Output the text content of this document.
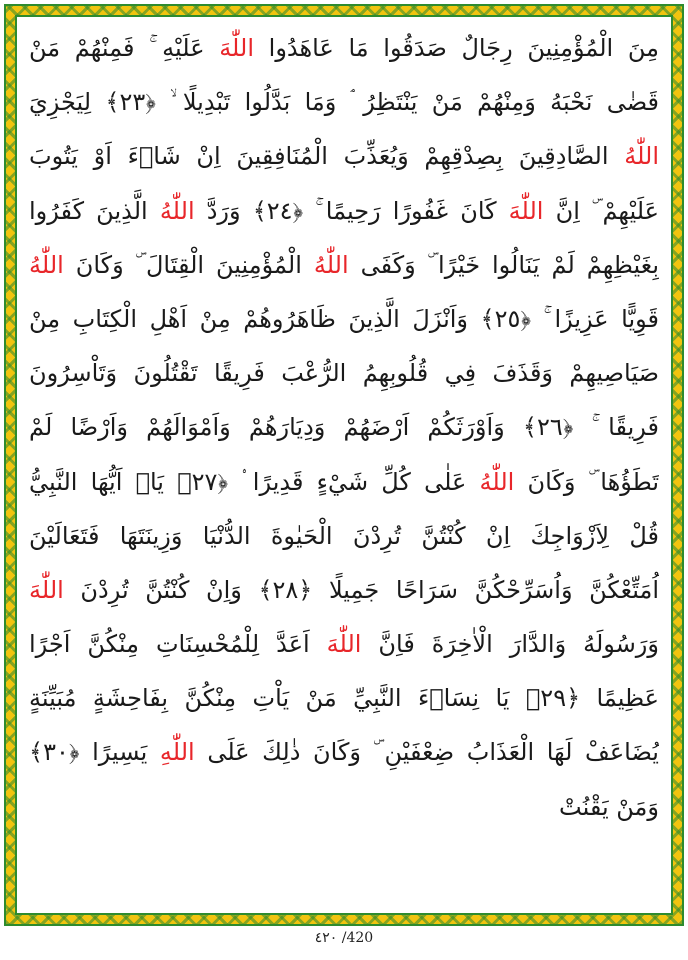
مِنَ الْمُؤْمِنِينَ رِجَالٌ صَدَقُوا مَا عَاهَدُوا اللّٰهَ عَلَيْهِ ۚ فَمِنْهُمْ مَنْ
قَضٰى نَحْبَهُ وَمِنْهُمْ مَنْ يَنْتَظِرُ ۘ وَمَا بَدَّلُوا تَبْدِيلًا ۙ ﴿٢٣﴾ لِيَجْزِيَ
اللّٰهُ الصَّادِقِينَ بِصِدْقِهِمْ وَيُعَذِّبَ الْمُنَافِقِينَ اِنْ شَاۤءَ اَوْ يَتُوبَ
عَلَيْهِمْ ۜ اِنَّ اللّٰهَ كَانَ غَفُورًا رَحِيمًا ۚ ﴿٢٤﴾ وَرَدَّ اللّٰهُ الَّذِينَ كَفَرُوا
بِغَيْظِهِمْ لَمْ يَنَالُوا خَيْرًا ۜ وَكَفَى اللّٰهُ الْمُؤْمِنِينَ الْقِتَالَ ۜ وَكَانَ اللّٰهُ
قَوِيًّا عَزِيزًا ۚ ﴿٢٥﴾ وَاَنْزَلَ الَّذِينَ ظَاهَرُوهُمْ مِنْ اَهْلِ الْكِتَابِ مِنْ
صَيَاصِيهِمْ وَقَذَفَ فِي قُلُوبِهِمُ الرُّعْبَ فَرِيقًا تَقْتُلُونَ وَتَاْسِرُونَ
فَرِيقًا ۚ ﴿٢٦﴾ وَاَوْرَثَكُمْ اَرْضَهُمْ وَدِيَارَهُمْ وَاَمْوَالَهُمْ وَاَرْضًا لَمْ
تَطَؤُهَا ۜ وَكَانَ اللّٰهُ عَلٰى كُلِّ شَيْءٍ قَدِيرًا ۟ ﴿٢٧﴾ يَاۤ اَيُّهَا النَّبِيُّ
قُلْ لِاَزْوَاجِكَ اِنْ كُنْتُنَّ تُرِدْنَ الْحَيٰوةَ الدُّنْيَا وَزِينَتَهَا فَتَعَالَيْنَ
اُمَتِّعْكُنَّ وَاُسَرِّحْكُنَّ سَرَاحًا جَمِيلًا ﴿٢٨﴾ وَاِنْ كُنْتُنَّ تُرِدْنَ اللّٰهَ
وَرَسُولَهُ وَالدَّارَ الْاٰخِرَةَ فَاِنَّ اللّٰهَ اَعَدَّ لِلْمُحْسِنَاتِ مِنْكُنَّ اَجْرًا
عَظِيمًا ﴿٢٩﴾ يَا نِسَاۤءَ النَّبِيِّ مَنْ يَاْتِ مِنْكُنَّ بِفَاحِشَةٍ مُبَيِّنَةٍ
يُضَاعَفْ لَهَا الْعَذَابُ ضِعْفَيْنِ ۜ وَكَانَ ذٰلِكَ عَلَى اللّٰهِ يَسِيرًا ﴿٣٠﴾
وَمَنْ يَقْنُتْ
٤٢٠ /420
